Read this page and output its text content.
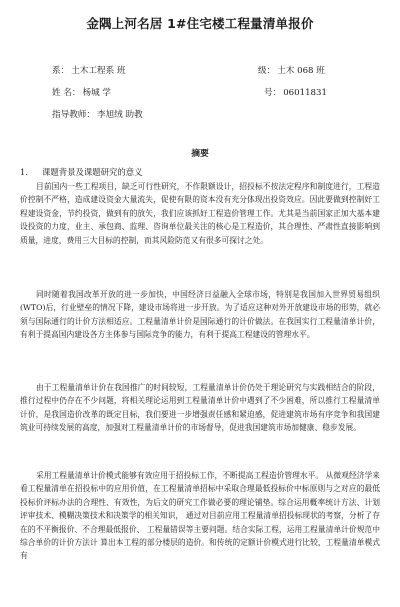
金隅上河名居 1#住宅楼工程量清单报价
系： 土木工程系 班	级： 土木 068 班
姓 名： 杨城 学	号： 06011831
指导教师： 李旭绒 助教
摘要
1. 课题背景及课题研究的意义

目前国内一些工程项目，缺乏可行性研究，不作限额设计，招投标不按法定程序和制度进行，工程造价控制不严格，造成建设资金大量流失，促使有限的资本没有充分体现出投资效应。因此要做到控制好工程建设资金，节约投资，做到有的放矢，我们应该抓好工程造价管理工作。尤其是当前国家正加大基本建设投资的力度，业主、承包商、监理、咨询单位最关注的核心是工程造价，其合理性、严肃性直接影响到质量，进度，费用三大目标的控制，而其风险防范又有很多可探讨之处。

同时随着我国改革开放的进一步加快，中国经济日益融入全球市场，特别是我国加入世界贸易组织(WTO)后，行业壁垒的情况下降，建设市场将进一步开放。为了适应这种对外开放建设市场的形势，就必须与国际通行的计价方法相适应。工程量清单计价是国际通行的计价做法。在我国实行工程量清单计价，有利于提高国内建设各方主体参与国际竞争的能力，有利于提高工程建设的管理水平。

由于工程量清单计价在我国推广的时间较短，工程量清单计价仍处于理论研究与实践相结合的阶段，推行过程中仍存在不少问题，将相关理论运用到工程量清单计价中遇到了不少困难，所以推行工程量清单计价，是我国造价改革的既定目标，我们要进一步增强责任感和紧迫感，促进建筑市场有序竞争和我国建筑业可持续发展的高度，加强对工程量清单计价的市场督导，促进我国建筑市场加健康、稳步发展。

采用工程量清单计价模式能够有效应用于招投标工作，不断提高工程造价管理水平。 从微观经济学来看工程量清单在招投标中的应用价值，在工程量清单招标中采取合理最低投标价中标原则与之对应的最低投标价评标办法的合理性、有效性，为后文的研究工作做必要的理论铺垫。综合运用概率统计方法、计划评审技术、模糊决策技术和决策学的相关知识， 通过对目前应用工程量清单招投标现状的考察，分析了存在的不平衡报价、不合理最低报价、 工程量错误等主要问题。结合实际工程，运用工程量清单计价规范中综合单价的计价方法计 算出本工程的部分楼层的造价。和传统的定额计价模式进行比较，工程量清单模式有
